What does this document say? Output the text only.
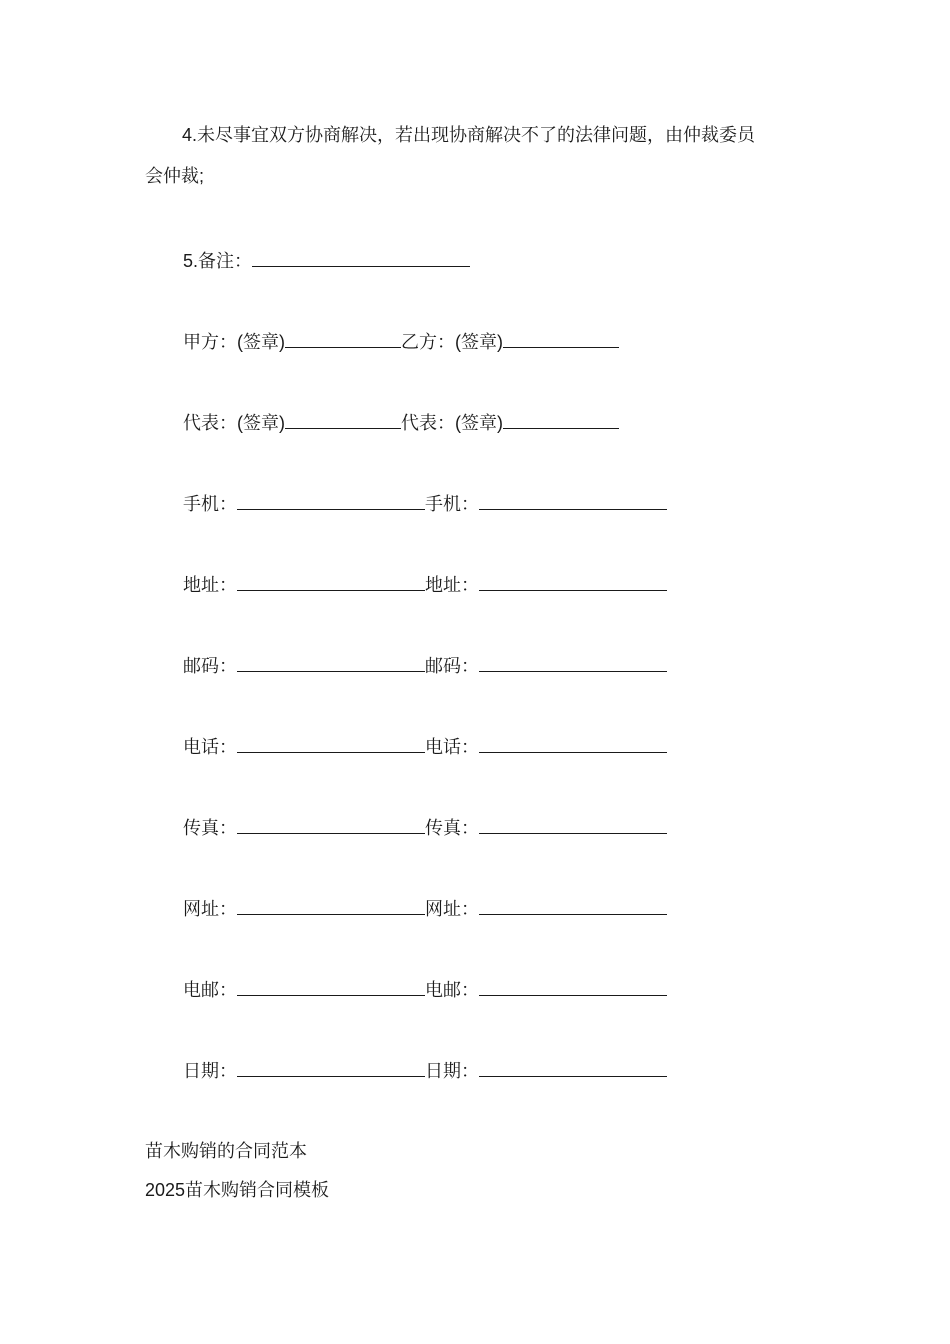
4.未尽事宜双方协商解决，若出现协商解决不了的法律问题，由仲裁委员
会仲裁;
5.备注：
甲方：(签章)	乙方：(签章)
代表：(签章)	代表：(签章)
手机：	手机：
地址：	地址：
邮码：	邮码：
电话：	电话：
传真：	传真：
网址：	网址：
电邮：	电邮：
日期：	日期：
苗木购销的合同范本
2025苗木购销合同模板
